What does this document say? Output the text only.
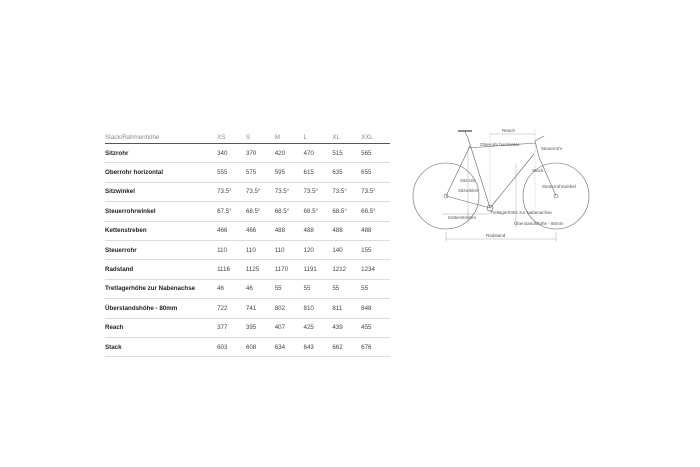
Stack/Rahmenhöhe	XS	S	M	L	XL	XXL
Sitzrohr	340	370	420	470	515	565
Oberrohr horizontal	555	575	595	615	635	655
Sitzwinkel	73.5°	73.5°	73.5°	73.5°	73.5°	73.5°
Steuerrohrwinkel	67.5°	68.5°	68.5°	68.5°	68.5°	68.5°
Kettenstreben	466	466	488	488	488	488
Steuerrohr	110	110	110	120	140	155
Radstand	1116	1125	1170	1191	1212	1234
Tretlagerhöhe zur Nabenachse	46	46	55	55	55	55
Überstandshöhe - 80mm	722	741	802	810	811	848
Reach	377	395	407	425	439	455
Stack	603	608	634	643	662	676
Reach
Oberrohr horizontal
Steuerrohr
Stack
Steuerrohrwinkel
Sitzrohr
Sitzwinkel
Kettenstreben
Tretlagerhöhe zur Nabenachse
Überstandshöhe - 80mm
Radstand
